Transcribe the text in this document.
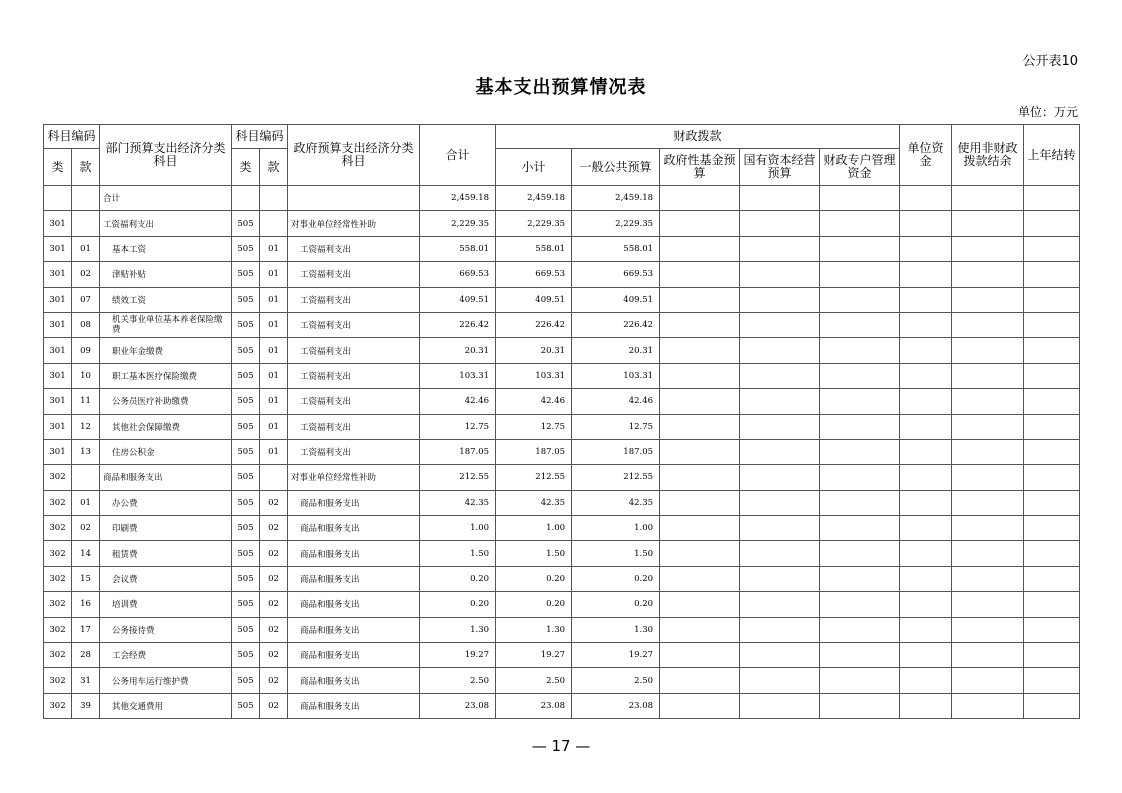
公开表10
基本支出预算情况表
单位：万元
科目编码		部门预算支出经济分类科目	科目编码		政府预算支出经济分类科目	合计	财政拨款					单位资金	使用非财政拨款结余	上年结转
类	款		类	款			小计	一般公共预算	政府性基金预算	国有资本经营预算	财政专户管理资金			
		合计				2,459.18	2,459.18	2,459.18						
301		工资福利支出	505		对事业单位经常性补助	2,229.35	2,229.35	2,229.35						
301	01	基本工资	505	01	工资福利支出	558.01	558.01	558.01						
301	02	津贴补贴	505	01	工资福利支出	669.53	669.53	669.53						
301	07	绩效工资	505	01	工资福利支出	409.51	409.51	409.51						
301	08	机关事业单位基本养老保险缴费	505	01	工资福利支出	226.42	226.42	226.42						
301	09	职业年金缴费	505	01	工资福利支出	20.31	20.31	20.31						
301	10	职工基本医疗保险缴费	505	01	工资福利支出	103.31	103.31	103.31						
301	11	公务员医疗补助缴费	505	01	工资福利支出	42.46	42.46	42.46						
301	12	其他社会保障缴费	505	01	工资福利支出	12.75	12.75	12.75						
301	13	住房公积金	505	01	工资福利支出	187.05	187.05	187.05						
302		商品和服务支出	505		对事业单位经常性补助	212.55	212.55	212.55						
302	01	办公费	505	02	商品和服务支出	42.35	42.35	42.35						
302	02	印刷费	505	02	商品和服务支出	1.00	1.00	1.00						
302	14	租赁费	505	02	商品和服务支出	1.50	1.50	1.50						
302	15	会议费	505	02	商品和服务支出	0.20	0.20	0.20						
302	16	培训费	505	02	商品和服务支出	0.20	0.20	0.20						
302	17	公务接待费	505	02	商品和服务支出	1.30	1.30	1.30						
302	28	工会经费	505	02	商品和服务支出	19.27	19.27	19.27						
302	31	公务用车运行维护费	505	02	商品和服务支出	2.50	2.50	2.50						
302	39	其他交通费用	505	02	商品和服务支出	23.08	23.08	23.08						
— 17 —
